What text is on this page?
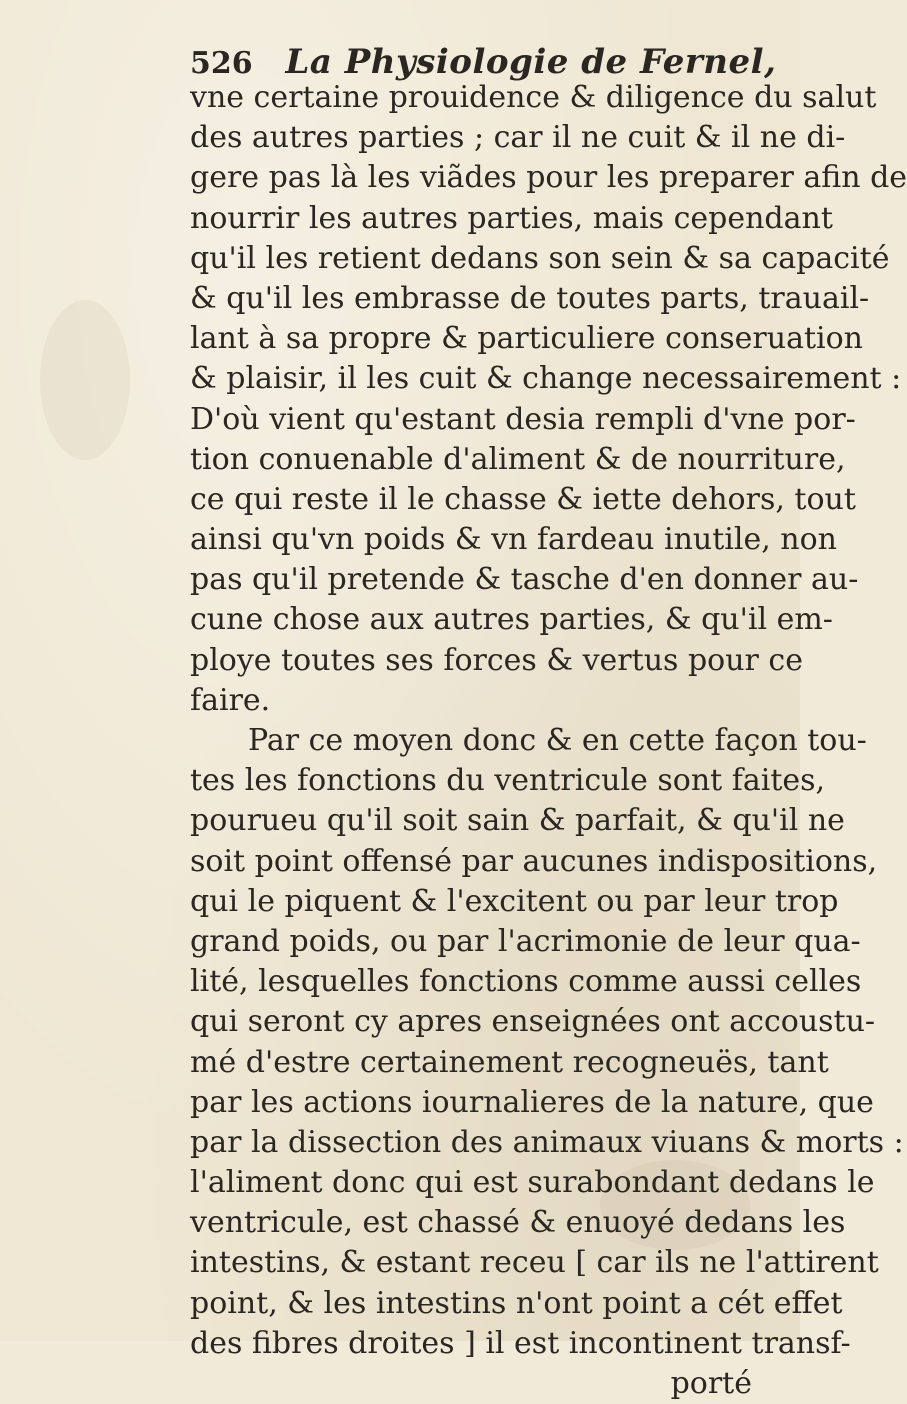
526 La Physiologie de Fernel,
vne certaine prouidence & diligence du salut
des autres parties ; car il ne cuit & il ne di-
gere pas là les viãdes pour les preparer afin de
nourrir les autres parties, mais cependant
qu'il les retient dedans son sein & sa capacité
& qu'il les embrasse de toutes parts, trauail-
lant à sa propre & particuliere conseruation
& plaisir, il les cuit & change necessairement :
D'où vient qu'estant desia rempli d'vne por-
tion conuenable d'aliment & de nourriture,
ce qui reste il le chasse & iette dehors, tout
ainsi qu'vn poids & vn fardeau inutile, non
pas qu'il pretende & tasche d'en donner au-
cune chose aux autres parties, & qu'il em-
ploye toutes ses forces & vertus pour ce
faire.
Par ce moyen donc & en cette façon tou-
tes les fonctions du ventricule sont faites,
pourueu qu'il soit sain & parfait, & qu'il ne
soit point offensé par aucunes indispositions,
qui le piquent & l'excitent ou par leur trop
grand poids, ou par l'acrimonie de leur qua-
lité, lesquelles fonctions comme aussi celles
qui seront cy apres enseignées ont accoustu-
mé d'estre certainement recogneuës, tant
par les actions iournalieres de la nature, que
par la dissection des animaux viuans & morts :
l'aliment donc qui est surabondant dedans le
ventricule, est chassé & enuoyé dedans les
intestins, & estant receu [ car ils ne l'attirent
point, & les intestins n'ont point a cét effet
des fibres droites ] il est incontinent transf-
porté
